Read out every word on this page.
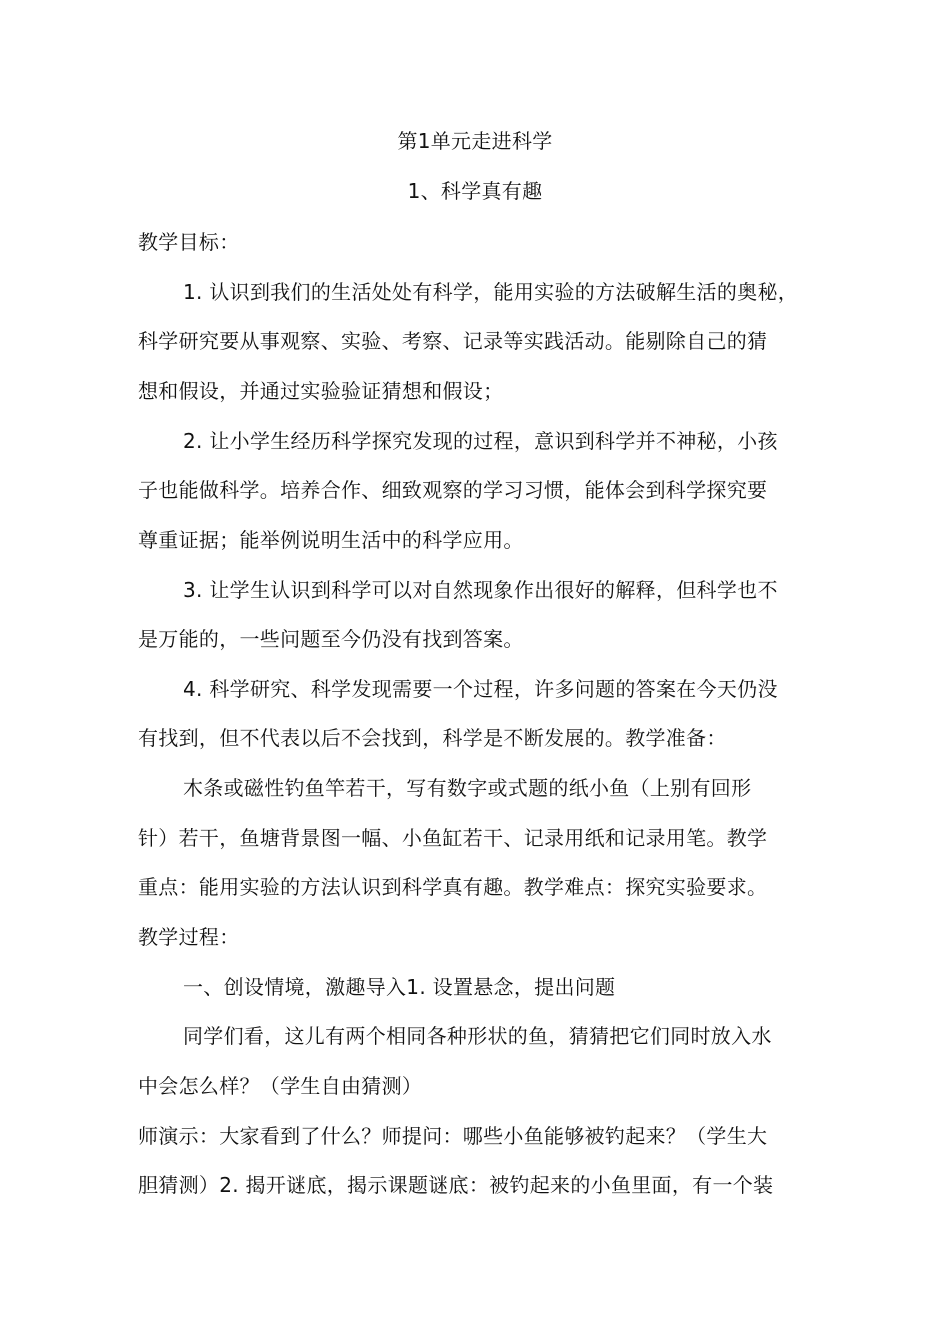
第1单元走进科学
1、科学真有趣
教学目标：
1. 认识到我们的生活处处有科学，能用实验的方法破解生活的奥秘，
科学研究要从事观察、实验、考察、记录等实践活动。能剔除自己的猜
想和假设，并通过实验验证猜想和假设；
2. 让小学生经历科学探究发现的过程，意识到科学并不神秘，小孩
子也能做科学。培养合作、细致观察的学习习惯，能体会到科学探究要
尊重证据；能举例说明生活中的科学应用。
3. 让学生认识到科学可以对自然现象作出很好的解释，但科学也不
是万能的，一些问题至今仍没有找到答案。
4. 科学研究、科学发现需要一个过程，许多问题的答案在今天仍没
有找到，但不代表以后不会找到，科学是不断发展的。教学准备：
木条或磁性钓鱼竿若干，写有数字或式题的纸小鱼（上别有回形
针）若干，鱼塘背景图一幅、小鱼缸若干、记录用纸和记录用笔。教学
重点：能用实验的方法认识到科学真有趣。教学难点：探究实验要求。
教学过程：
一、创设情境，激趣导入1. 设置悬念，提出问题
同学们看，这儿有两个相同各种形状的鱼，猜猜把它们同时放入水
中会怎么样？（学生自由猜测）
师演示：大家看到了什么？师提问：哪些小鱼能够被钓起来？（学生大
胆猜测）2. 揭开谜底，揭示课题谜底：被钓起来的小鱼里面，有一个装
